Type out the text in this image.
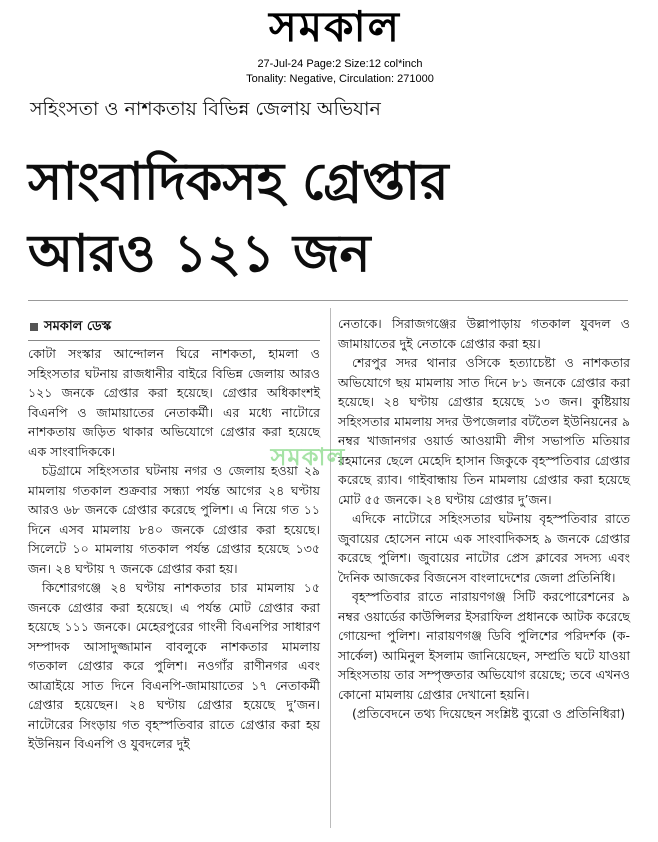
সমকাল
27-Jul-24 Page:2 Size:12 col*inch
Tonality: Negative, Circulation: 271000
সহিংসতা ও নাশকতায় বিভিন্ন জেলায় অভিযান
সাংবাদিকসহ গ্রেপ্তার
আরও ১২১ জন
সমকাল ডেস্ক

কোটা সংস্কার আন্দোলন ঘিরে নাশকতা, হামলা ও সহিংসতার ঘটনায় রাজধানীর বাইরে বিভিন্ন জেলায় আরও ১২১ জনকে গ্রেপ্তার করা হয়েছে। গ্রেপ্তার অধিকাংশই বিএনপি ও জামায়াতের নেতাকর্মী। এর মধ্যে নাটোরে নাশকতায় জড়িত থাকার অভিযোগে গ্রেপ্তার করা হয়েছে এক সাংবাদিককে।

চট্টগ্রামে সহিংসতার ঘটনায় নগর ও জেলায় হওয়া ২৯ মামলায় গতকাল শুক্রবার সন্ধ্যা পর্যন্ত আগের ২৪ ঘণ্টায় আরও ৬৮ জনকে গ্রেপ্তার করেছে পুলিশ। এ নিয়ে গত ১১ দিনে এসব মামলায় ৮৪০ জনকে গ্রেপ্তার করা হয়েছে। সিলেটে ১০ মামলায় গতকাল পর্যন্ত গ্রেপ্তার হয়েছে ১৩৫ জন। ২৪ ঘণ্টায় ৭ জনকে গ্রেপ্তার করা হয়।

কিশোরগঞ্জে ২৪ ঘণ্টায় নাশকতার চার মামলায় ১৫ জনকে গ্রেপ্তার করা হয়েছে। এ পর্যন্ত মোট গ্রেপ্তার করা হয়েছে ১১১ জনকে। মেহেরপুরের গাংনী বিএনপির সাধারণ সম্পাদক আসাদুজ্জামান বাবলুকে নাশকতার মামলায় গতকাল গ্রেপ্তার করে পুলিশ। নওগাঁর রাণীনগর এবং আত্রাইয়ে সাত দিনে বিএনপি-জামায়াতের ১৭ নেতাকর্মী গ্রেপ্তার হয়েছেন। ২৪ ঘণ্টায় গ্রেপ্তার হয়েছে দু’জন। নাটোরের সিংড়ায় গত বৃহস্পতিবার রাতে গ্রেপ্তার করা হয় ইউনিয়ন বিএনপি ও যুবদলের দুই

নেতাকে। সিরাজগঞ্জের উল্লাপাড়ায় গতকাল যুবদল ও জামায়াতের দুই নেতাকে গ্রেপ্তার করা হয়।

শেরপুর সদর থানার ওসিকে হত্যাচেষ্টা ও নাশকতার অভিযোগে ছয় মামলায় সাত দিনে ৮১ জনকে গ্রেপ্তার করা হয়েছে। ২৪ ঘণ্টায় গ্রেপ্তার হয়েছে ১৩ জন। কুষ্টিয়ায় সহিংসতার মামলায় সদর উপজেলার বটতৈল ইউনিয়নের ৯ নম্বর খাজানগর ওয়ার্ড আওয়ামী লীগ সভাপতি মতিয়ার রহমানের ছেলে মেহেদি হাসান জিকুকে বৃহস্পতিবার গ্রেপ্তার করেছে র‍্যাব। গাইবান্ধায় তিন মামলায় গ্রেপ্তার করা হয়েছে মোট ৫৫ জনকে। ২৪ ঘণ্টায় গ্রেপ্তার দু’জন।

এদিকে নাটোরে সহিংসতার ঘটনায় বৃহস্পতিবার রাতে জুবায়ের হোসেন নামে এক সাংবাদিকসহ ৯ জনকে গ্রেপ্তার করেছে পুলিশ। জুবায়ের নাটোর প্রেস ক্লাবের সদস্য এবং দৈনিক আজকের বিজনেস বাংলাদেশের জেলা প্রতিনিধি।

বৃহস্পতিবার রাতে নারায়ণগঞ্জ সিটি করপোরেশনের ৯ নম্বর ওয়ার্ডের কাউন্সিলর ইসরাফিল প্রধানকে আটক করেছে গোয়েন্দা পুলিশ। নারায়ণগঞ্জ ডিবি পুলিশের পরিদর্শক (ক-সার্কেল) আমিনুল ইসলাম জানিয়েছেন, সম্প্রতি ঘটে যাওয়া সহিংসতায় তার সম্পৃক্ততার অভিযোগ রয়েছে; তবে এখনও কোনো মামলায় গ্রেপ্তার দেখানো হয়নি।

(প্রতিবেদনে তথ্য দিয়েছেন সংশ্লিষ্ট ব্যুরো ও প্রতিনিধিরা)

সমকাল
